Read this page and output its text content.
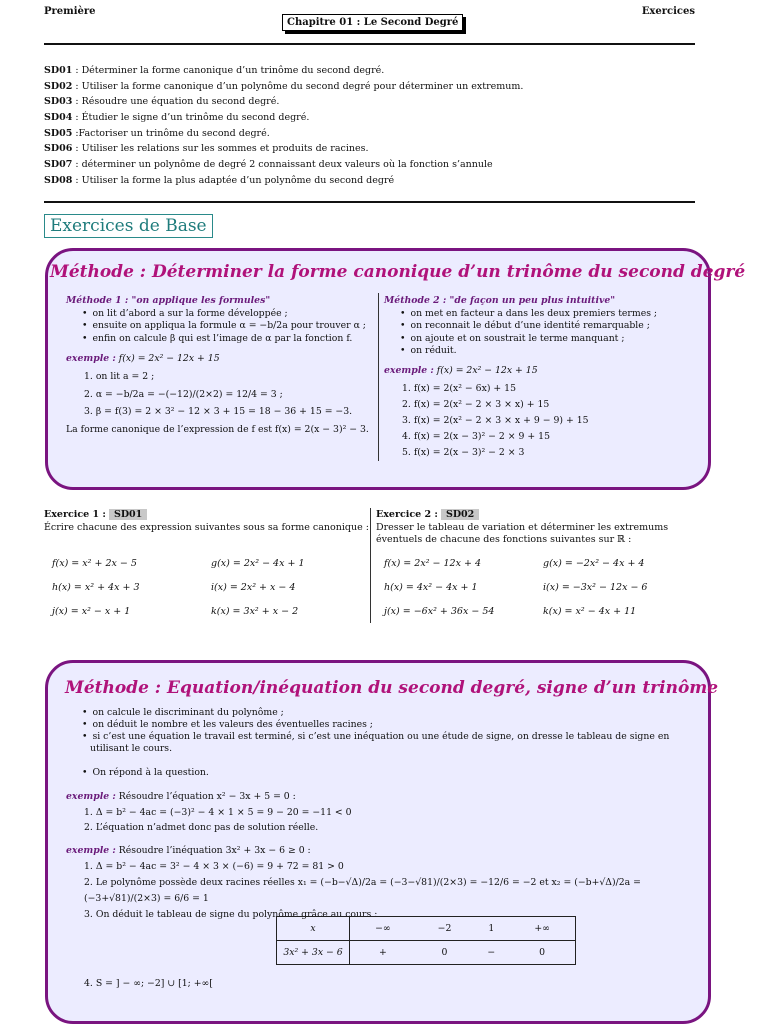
Première	Exercices
Chapitre 01 : Le Second Degré
SD01 : Déterminer la forme canonique d’un trinôme du second degré.
SD02 : Utiliser la forme canonique d’un polynôme du second degré pour déterminer un extremum.
SD03 : Résoudre une équation du second degré.
SD04 : Étudier le signe d’un trinôme du second degré.
SD05 :Factoriser un trinôme du second degré.
SD06 : Utiliser les relations sur les sommes et produits de racines.
SD07 : déterminer un polynôme de degré 2 connaissant deux valeurs où la fonction s’annule
SD08 : Utiliser la forme la plus adaptée d’un polynôme du second degré
Exercices de Base
Méthode : Déterminer la forme canonique d’un trinôme du second degré
Méthode 1 : "on applique les formules"
• on lit d’abord a sur la forme développée ;
• ensuite on appliqua la formule α = −b/2a pour trouver α ;
• enfin on calcule β qui est l’image de α par la fonction f.
exemple : f(x) = 2x² − 12x + 15
1. on lit a = 2 ;
2. α = −b/2a = −(−12)/(2×2) = 12/4 = 3 ;
3. β = f(3) = 2 × 3² − 12 × 3 + 15 = 18 − 36 + 15 = −3.
La forme canonique de l’expression de f est f(x) = 2(x − 3)² − 3.
Méthode 2 : "de façon un peu plus intuitive"
• on met en facteur a dans les deux premiers termes ;
• on reconnait le début d’une identité remarquable ;
• on ajoute et on soustrait le terme manquant ;
• on réduit.
exemple : f(x) = 2x² − 12x + 15
1. f(x) = 2(x² − 6x) + 15
2. f(x) = 2(x² − 2 × 3 × x) + 15
3. f(x) = 2(x² − 2 × 3 × x + 9 − 9) + 15
4. f(x) = 2(x − 3)² − 2 × 9 + 15
5. f(x) = 2(x − 3)² − 2 × 3
Exercice 1 : SD01
Écrire chacune des expression suivantes sous sa forme canonique :
f(x) = x² + 2x − 5	g(x) = 2x² − 4x + 1
h(x) = x² + 4x + 3	i(x) = 2x² + x − 4
j(x) = x² − x + 1	k(x) = 3x² + x − 2
Exercice 2 : SD02
Dresser le tableau de variation et déterminer les extremums éventuels de chacune des fonctions suivantes sur ℝ :
f(x) = 2x² − 12x + 4	g(x) = −2x² − 4x + 4
h(x) = 4x² − 4x + 1	i(x) = −3x² − 12x − 6
j(x) = −6x² + 36x − 54	k(x) = x² − 4x + 11
Méthode : Equation/inéquation du second degré, signe d’un trinôme
• on calcule le discriminant du polynôme ;
• on déduit le nombre et les valeurs des éventuelles racines ;
• si c’est une équation le travail est terminé, si c’est une inéquation ou une étude de signe, on dresse le tableau de signe en utilisant le cours.
• On répond à la question.
exemple : Résoudre l’équation x² − 3x + 5 = 0 :
1. Δ = b² − 4ac = (−3)² − 4 × 1 × 5 = 9 − 20 = −11 < 0
2. L’équation n’admet donc pas de solution réelle.
exemple : Résoudre l’inéquation 3x² + 3x − 6 ≥ 0 :
1. Δ = b² − 4ac = 3² − 4 × 3 × (−6) = 9 + 72 = 81 > 0
2. Le polynôme possède deux racines réelles x₁ = (−b−√Δ)/2a = (−3−√81)/(2×3) = −12/6 = −2 et x₂ = (−b+√Δ)/2a = (−3+√81)/(2×3) = 6/6 = 1
3. On déduit le tableau de signe du polynôme grâce au cours :
x	−∞	−2	1	+∞
3x² + 3x − 6	+	0	−	0
4. S = ] − ∞; −2] ∪ [1; +∞[
